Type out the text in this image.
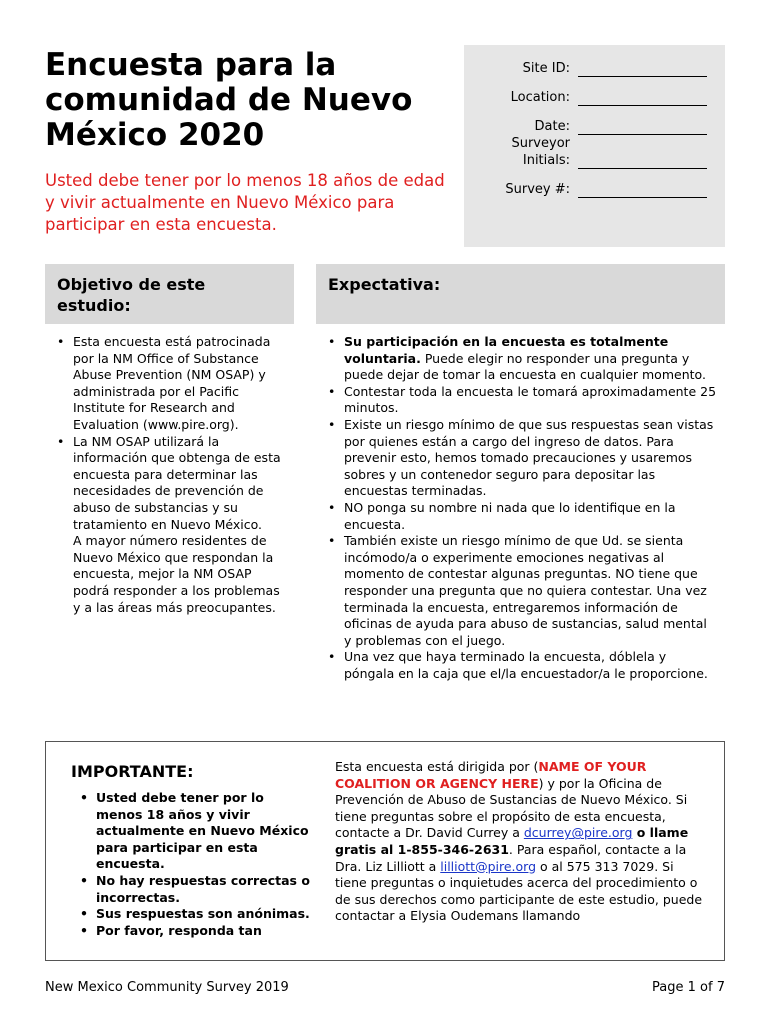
Encuesta para la comunidad de Nuevo México 2020
Usted debe tener por lo menos 18 años de edad y vivir actualmente en Nuevo México para participar en esta encuesta.
Site ID:
Location:
Date:
Surveyor
Initials:
Survey #:
Objetivo de este estudio:
Expectativa:
• Esta encuesta está patrocinada por la NM Office of Substance Abuse Prevention (NM OSAP) y administrada por el Pacific Institute for Research and Evaluation (www.pire.org).
• La NM OSAP utilizará la información que obtenga de esta encuesta para determinar las necesidades de prevención de abuso de substancias y su tratamiento en Nuevo México.
A mayor número residentes de Nuevo México que respondan la encuesta, mejor la NM OSAP podrá responder a los problemas y a las áreas más preocupantes.
• Su participación en la encuesta es totalmente voluntaria. Puede elegir no responder una pregunta y puede dejar de tomar la encuesta en cualquier momento.
• Contestar toda la encuesta le tomará aproximadamente 25 minutos.
• Existe un riesgo mínimo de que sus respuestas sean vistas por quienes están a cargo del ingreso de datos. Para prevenir esto, hemos tomado precauciones y usaremos sobres y un contenedor seguro para depositar las encuestas terminadas.
• NO ponga su nombre ni nada que lo identifique en la encuesta.
• También existe un riesgo mínimo de que Ud. se sienta incómodo/a o experimente emociones negativas al momento de contestar algunas preguntas. NO tiene que responder una pregunta que no quiera contestar. Una vez terminada la encuesta, entregaremos información de oficinas de ayuda para abuso de sustancias, salud mental y problemas con el juego.
• Una vez que haya terminado la encuesta, dóblela y póngala en la caja que el/la encuestador/a le proporcione.
IMPORTANTE:
• Usted debe tener por lo menos 18 años y vivir actualmente en Nuevo México para participar en esta encuesta.
• No hay respuestas correctas o incorrectas.
• Sus respuestas son anónimas.
• Por favor, responda tan
Esta encuesta está dirigida por (NAME OF YOUR COALITION OR AGENCY HERE) y por la Oficina de Prevención de Abuso de Sustancias de Nuevo México. Si tiene preguntas sobre el propósito de esta encuesta, contacte a Dr. David Currey a dcurrey@pire.org o llame gratis al 1-855-346-2631. Para español, contacte a la Dra. Liz Lilliott a lilliott@pire.org o al 575 313 7029. Si tiene preguntas o inquietudes acerca del procedimiento o de sus derechos como participante de este estudio, puede contactar a Elysia Oudemans llamando
New Mexico Community Survey 2019	Page 1 of 7
